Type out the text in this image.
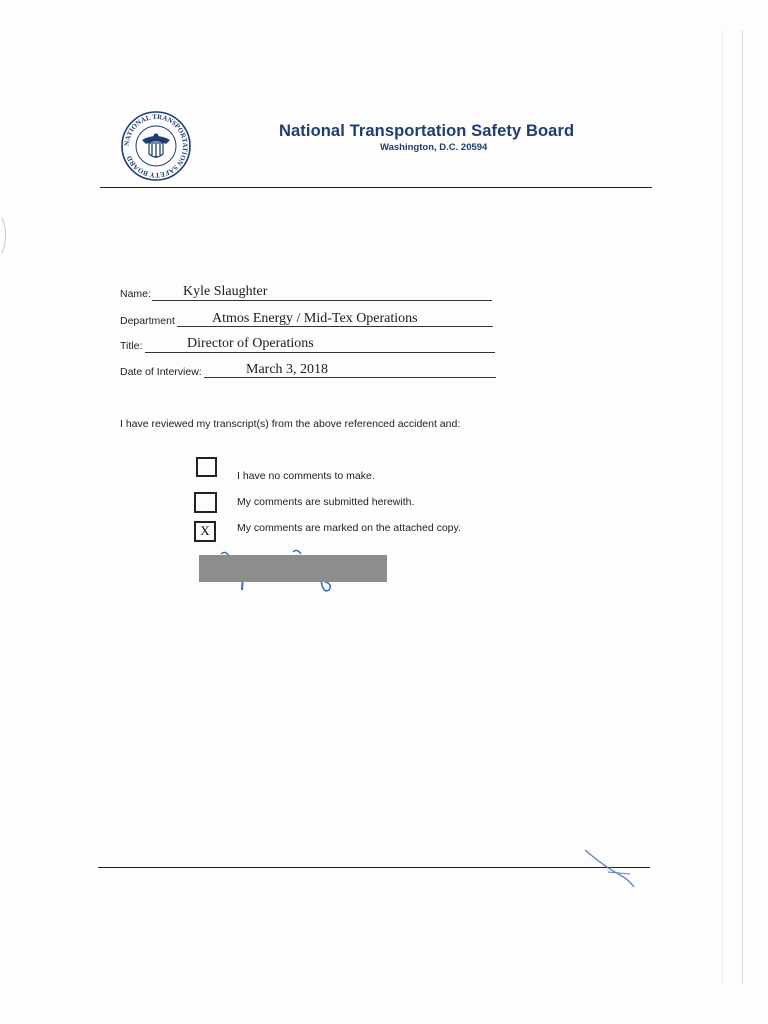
NATIONAL TRANSPORTATION SAFETY BOARD
National Transportation Safety Board
Washington, D.C. 20594
Name: Kyle Slaughter
Department	Atmos Energy / Mid-Tex Operations
Title:	Director of Operations
Date of Interview:	March 3, 2018
I have reviewed my transcript(s) from the above referenced accident and:
I have no comments to make.
My comments are submitted herewith.
X	My comments are marked on the attached copy.
